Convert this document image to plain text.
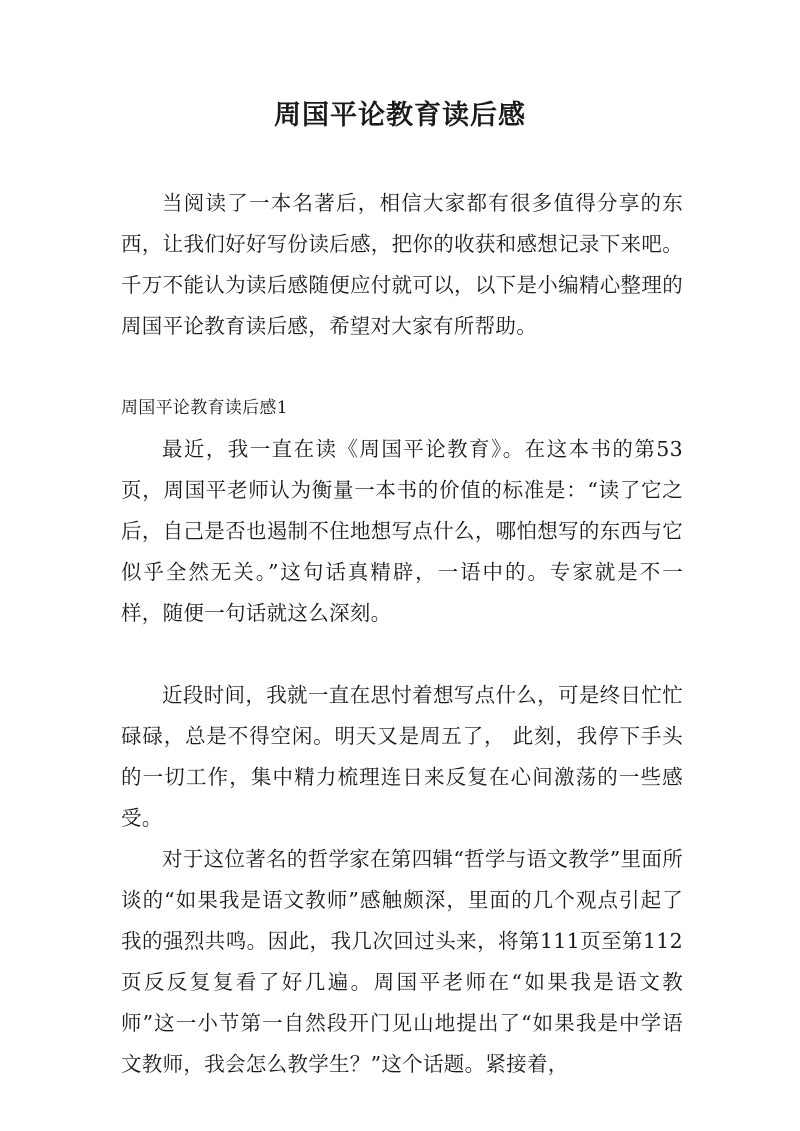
周国平论教育读后感

当阅读了一本名著后，相信大家都有很多值得分享的东西，让我们好好写份读后感，把你的收获和感想记录下来吧。千万不能认为读后感随便应付就可以，以下是小编精心整理的周国平论教育读后感，希望对大家有所帮助。

周国平论教育读后感1

最近，我一直在读《周国平论教育》。在这本书的第53页，周国平老师认为衡量一本书的价值的标准是：“读了它之后，自己是否也遏制不住地想写点什么，哪怕想写的东西与它似乎全然无关。”这句话真精辟，一语中的。专家就是不一样，随便一句话就这么深刻。

近段时间，我就一直在思忖着想写点什么，可是终日忙忙碌碌，总是不得空闲。明天又是周五了， 此刻，我停下手头的一切工作，集中精力梳理连日来反复在心间激荡的一些感受。

对于这位著名的哲学家在第四辑“哲学与语文教学”里面所谈的“如果我是语文教师”感触颇深，里面的几个观点引起了我的强烈共鸣。因此，我几次回过头来，将第111页至第112页反反复复看了好几遍。周国平老师在“如果我是语文教师”这一小节第一自然段开门见山地提出了“如果我是中学语文教师，我会怎么教学生？”这个话题。紧接着，
